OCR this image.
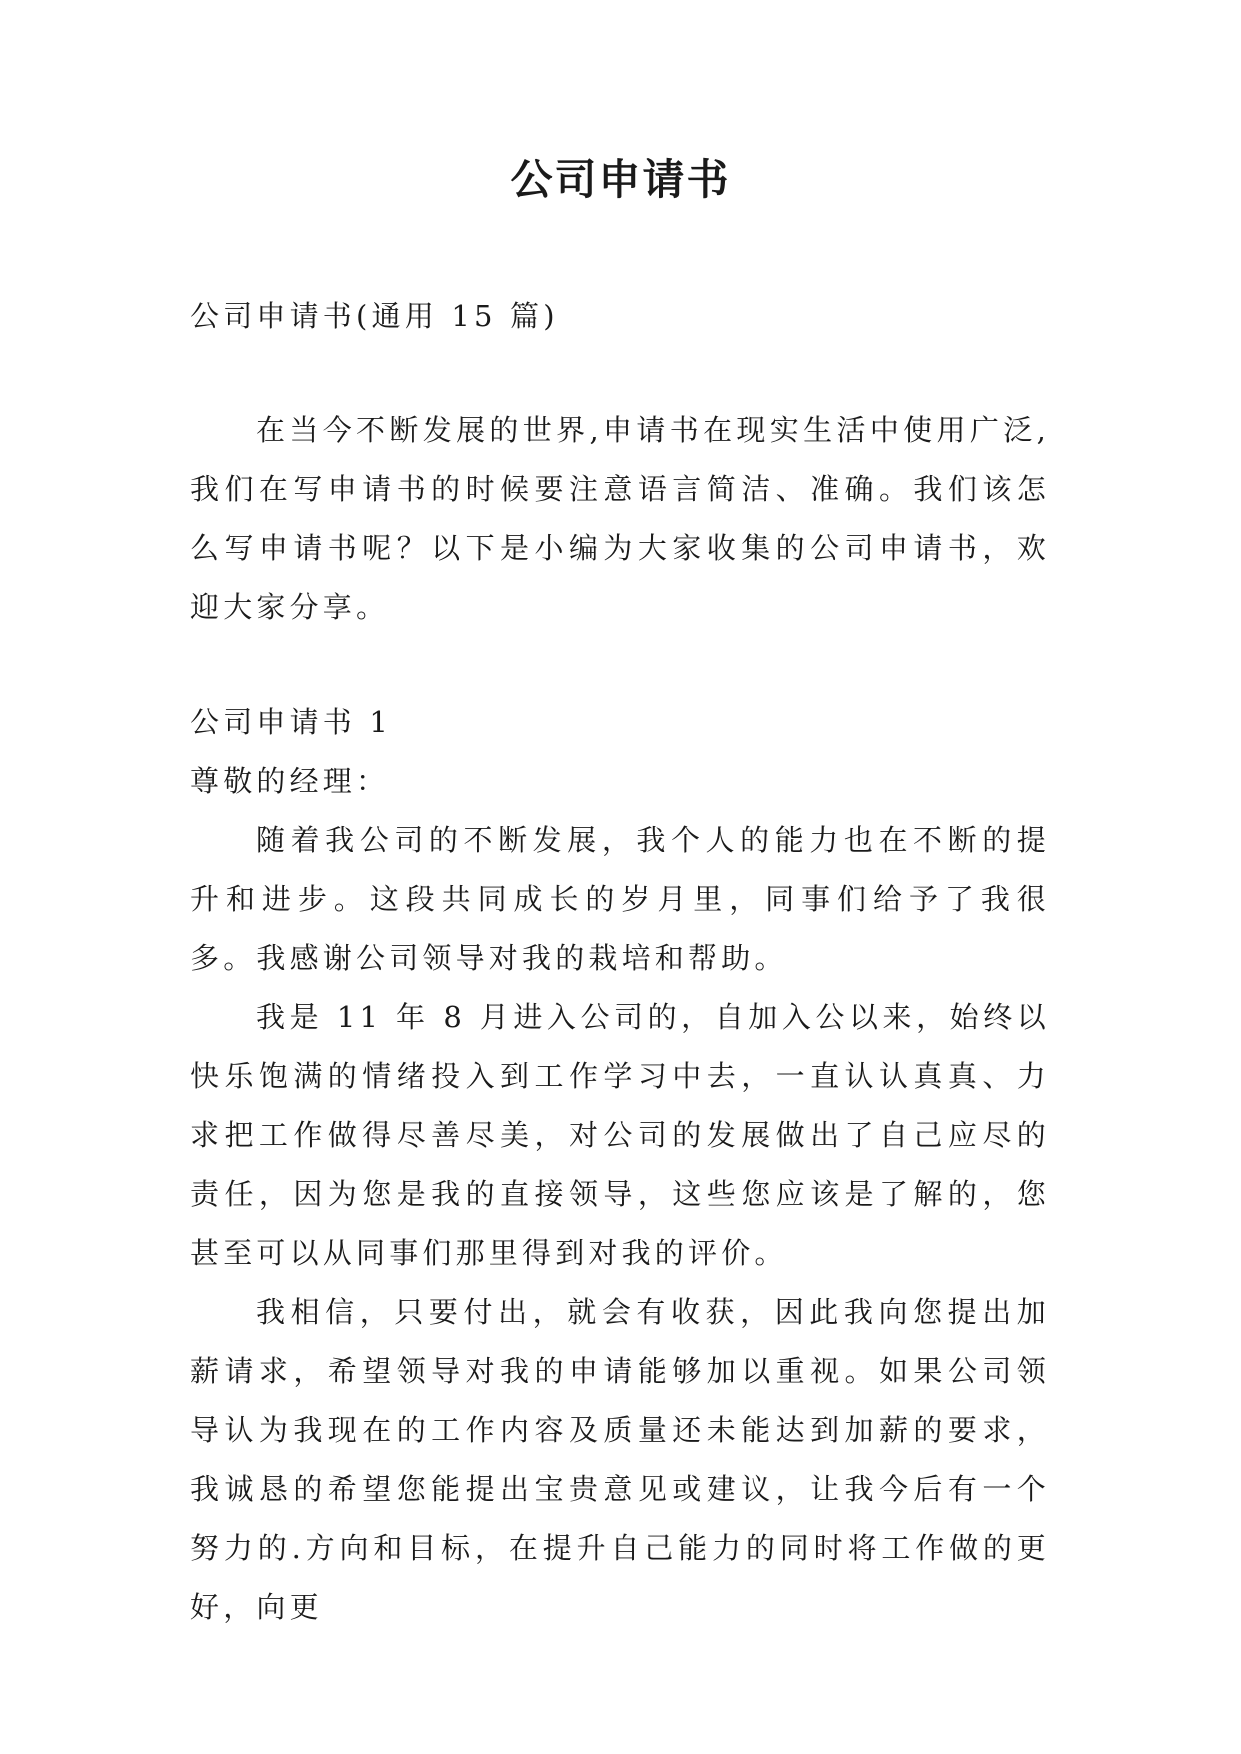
公司申请书

公司申请书(通用 15 篇)

在当今不断发展的世界,申请书在现实生活中使用广泛,我们在写申请书的时候要注意语言简洁、准确。我们该怎么写申请书呢？以下是小编为大家收集的公司申请书，欢迎大家分享。

公司申请书 1

尊敬的经理：

随着我公司的不断发展，我个人的能力也在不断的提升和进步。这段共同成长的岁月里，同事们给予了我很多。我感谢公司领导对我的栽培和帮助。

我是 11 年 8 月进入公司的，自加入公以来，始终以快乐饱满的情绪投入到工作学习中去，一直认认真真、力求把工作做得尽善尽美，对公司的发展做出了自己应尽的责任，因为您是我的直接领导，这些您应该是了解的，您甚至可以从同事们那里得到对我的评价。

我相信，只要付出，就会有收获，因此我向您提出加薪请求，希望领导对我的申请能够加以重视。如果公司领导认为我现在的工作内容及质量还未能达到加薪的要求，我诚恳的希望您能提出宝贵意见或建议，让我今后有一个努力的.方向和目标，在提升自己能力的同时将工作做的更好，向更
